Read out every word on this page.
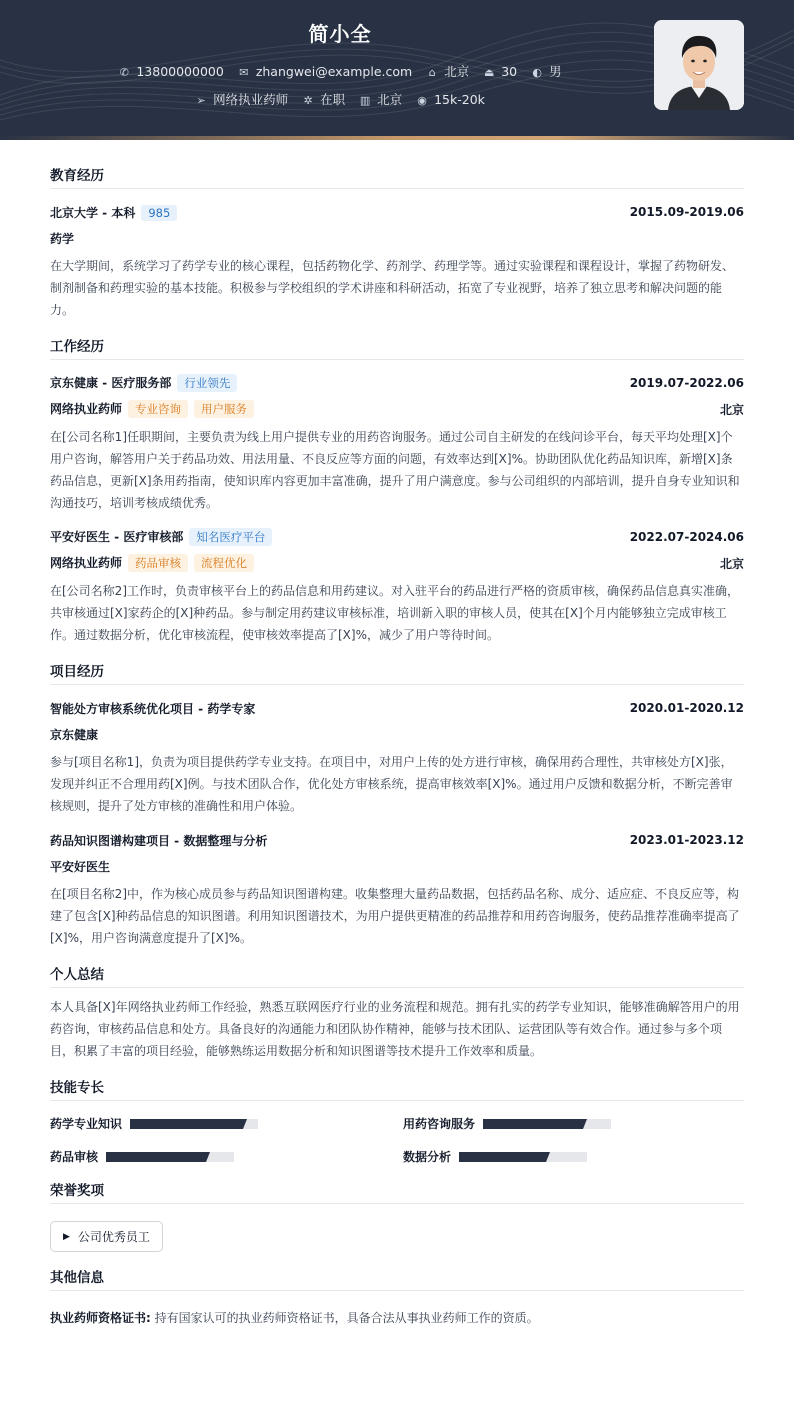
简小全
✆ 13800000000 ✉ zhangwei@example.com ⌂ 北京 ⏏ 30 ◐ 男
➢ 网络执业药师 ✲ 在职 ▥ 北京 ◉ 15k-20k
教育经历
北京大学 - 本科 985	2015.09-2019.06
药学
在大学期间，系统学习了药学专业的核心课程，包括药物化学、药剂学、药理学等。通过实验课程和课程设计，掌握了药物研发、制剂制备和药理实验的基本技能。积极参与学校组织的学术讲座和科研活动，拓宽了专业视野，培养了独立思考和解决问题的能力。
工作经历
京东健康 - 医疗服务部 行业领先	2019.07-2022.06
网络执业药师 专业咨询 用户服务	北京
在[公司名称1]任职期间，主要负责为线上用户提供专业的用药咨询服务。通过公司自主研发的在线问诊平台，每天平均处理[X]个用户咨询，解答用户关于药品功效、用法用量、不良反应等方面的问题，有效率达到[X]%。协助团队优化药品知识库，新增[X]条药品信息，更新[X]条用药指南，使知识库内容更加丰富准确，提升了用户满意度。参与公司组织的内部培训，提升自身专业知识和沟通技巧，培训考核成绩优秀。
平安好医生 - 医疗审核部 知名医疗平台	2022.07-2024.06
网络执业药师 药品审核 流程优化	北京
在[公司名称2]工作时，负责审核平台上的药品信息和用药建议。对入驻平台的药品进行严格的资质审核，确保药品信息真实准确，共审核通过[X]家药企的[X]种药品。参与制定用药建议审核标准，培训新入职的审核人员，使其在[X]个月内能够独立完成审核工作。通过数据分析，优化审核流程，使审核效率提高了[X]%，减少了用户等待时间。
项目经历
智能处方审核系统优化项目 - 药学专家	2020.01-2020.12
京东健康
参与[项目名称1]，负责为项目提供药学专业支持。在项目中，对用户上传的处方进行审核，确保用药合理性，共审核处方[X]张，发现并纠正不合理用药[X]例。与技术团队合作，优化处方审核系统，提高审核效率[X]%。通过用户反馈和数据分析，不断完善审核规则，提升了处方审核的准确性和用户体验。
药品知识图谱构建项目 - 数据整理与分析	2023.01-2023.12
平安好医生
在[项目名称2]中，作为核心成员参与药品知识图谱构建。收集整理大量药品数据，包括药品名称、成分、适应症、不良反应等，构建了包含[X]种药品信息的知识图谱。利用知识图谱技术，为用户提供更精准的药品推荐和用药咨询服务，使药品推荐准确率提高了[X]%，用户咨询满意度提升了[X]%。
个人总结
本人具备[X]年网络执业药师工作经验，熟悉互联网医疗行业的业务流程和规范。拥有扎实的药学专业知识，能够准确解答用户的用药咨询，审核药品信息和处方。具备良好的沟通能力和团队协作精神，能够与技术团队、运营团队等有效合作。通过参与多个项目，积累了丰富的项目经验，能够熟练运用数据分析和知识图谱等技术提升工作效率和质量。
技能专长
药学专业知识	用药咨询服务
药品审核	数据分析
荣誉奖项
▶ 公司优秀员工
其他信息
执业药师资格证书: 持有国家认可的执业药师资格证书，具备合法从事执业药师工作的资质。
